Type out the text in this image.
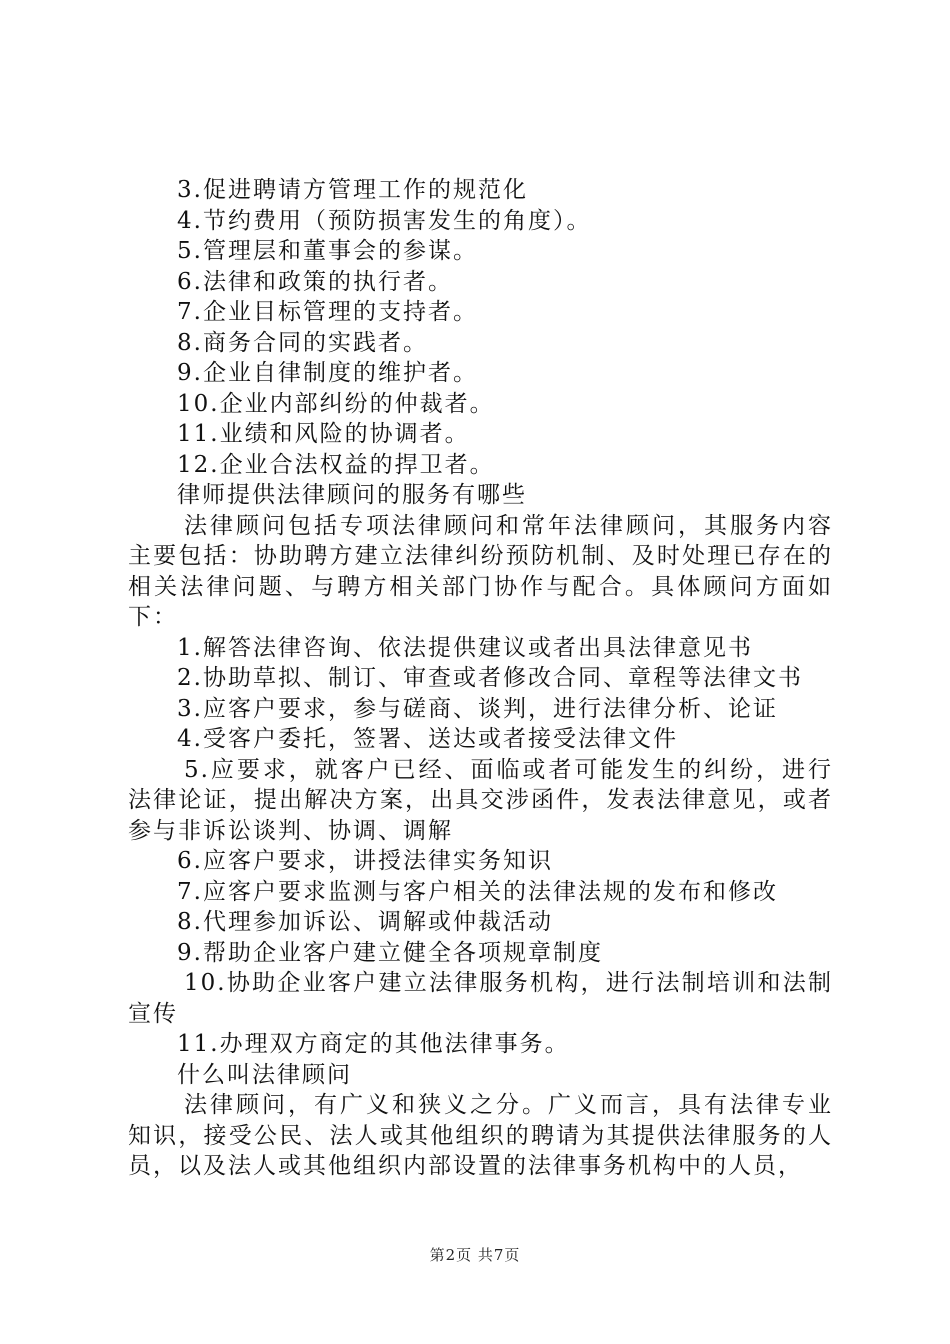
3.促进聘请方管理工作的规范化
4.节约费用（预防损害发生的角度）。
5.管理层和董事会的参谋。
6.法律和政策的执行者。
7.企业目标管理的支持者。
8.商务合同的实践者。
9.企业自律制度的维护者。
10.企业内部纠纷的仲裁者。
11.业绩和风险的协调者。
12.企业合法权益的捍卫者。
律师提供法律顾问的服务有哪些
法律顾问包括专项法律顾问和常年法律顾问，其服务内容主要包括：协助聘方建立法律纠纷预防机制、及时处理已存在的相关法律问题、与聘方相关部门协作与配合。具体顾问方面如下：
1.解答法律咨询、依法提供建议或者出具法律意见书
2.协助草拟、制订、审查或者修改合同、章程等法律文书
3.应客户要求，参与磋商、谈判，进行法律分析、论证
4.受客户委托，签署、送达或者接受法律文件
5.应要求，就客户已经、面临或者可能发生的纠纷，进行法律论证，提出解决方案，出具交涉函件，发表法律意见，或者参与非诉讼谈判、协调、调解
6.应客户要求，讲授法律实务知识
7.应客户要求监测与客户相关的法律法规的发布和修改
8.代理参加诉讼、调解或仲裁活动
9.帮助企业客户建立健全各项规章制度
10.协助企业客户建立法律服务机构，进行法制培训和法制宣传
11.办理双方商定的其他法律事务。
什么叫法律顾问
法律顾问，有广义和狭义之分。广义而言，具有法律专业知识，接受公民、法人或其他组织的聘请为其提供法律服务的人员，以及法人或其他组织内部设置的法律事务机构中的人员，
第2页 共7页
